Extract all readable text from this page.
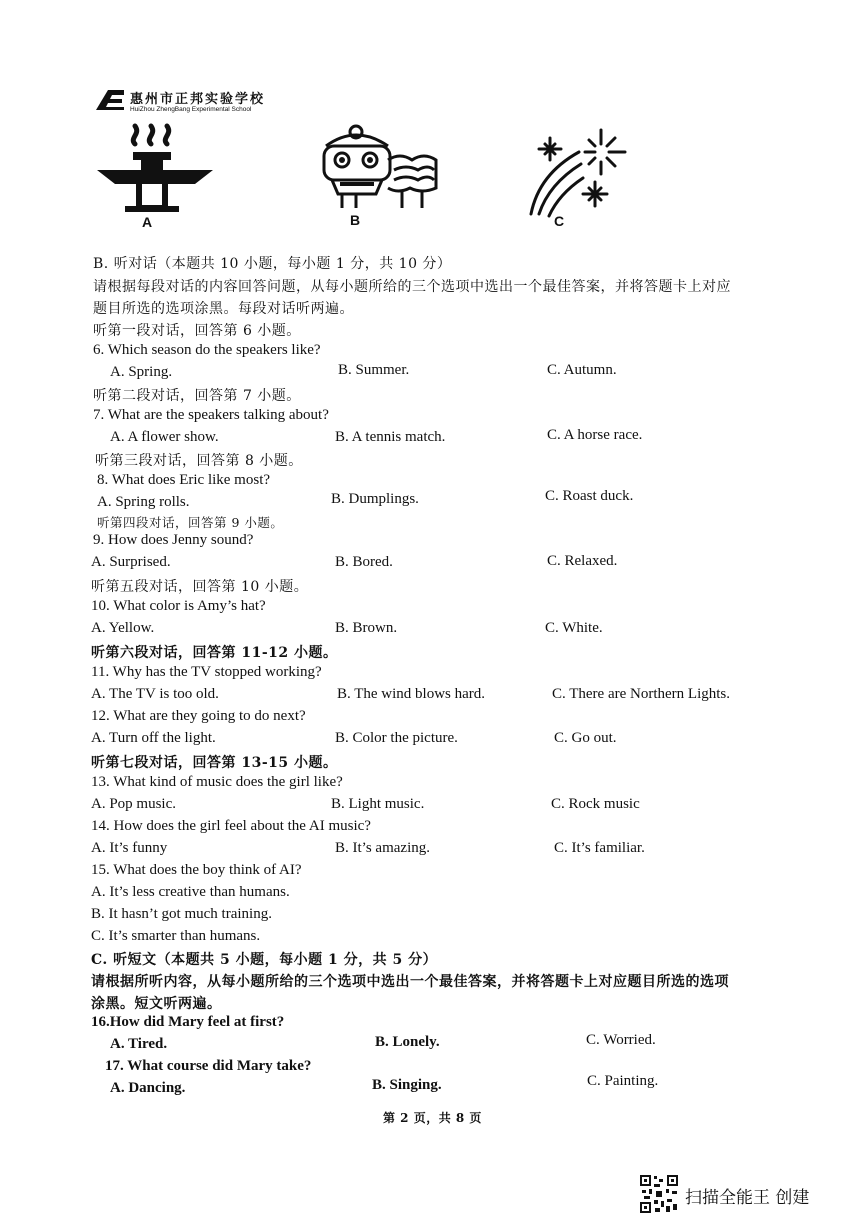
惠州市正邦实验学校
HuiZhou ZhengBang Experimental School
A	B	C
B. 听对话（本题共 10 小题，每小题 1 分，共 10 分）
请根据每段对话的内容回答问题，从每小题所给的三个选项中选出一个最佳答案，并将答题卡上对应
题目所选的选项涂黑。每段对话听两遍。
听第一段对话，回答第 6 小题。
6. Which season do the speakers like?
A. Spring.	B. Summer.	C. Autumn.
听第二段对话，回答第 7 小题。
7. What are the speakers talking about?
A. A flower show.	B. A tennis match.	C. A horse race.
听第三段对话，回答第 8 小题。
8. What does Eric like most?
A. Spring rolls.	B. Dumplings.	C. Roast duck.
听第四段对话，回答第 9 小题。
9. How does Jenny sound?
A. Surprised.	B. Bored.	C. Relaxed.
听第五段对话，回答第 10 小题。
10. What color is Amy’s hat?
A. Yellow.	B. Brown.	C. White.
听第六段对话，回答第 11-12 小题。
11. Why has the TV stopped working?
A. The TV is too old.	B. The wind blows hard.	C. There are Northern Lights.
12. What are they going to do next?
A. Turn off the light.	B. Color the picture.	C. Go out.
听第七段对话，回答第 13-15 小题。
13. What kind of music does the girl like?
A. Pop music.	B. Light music.	C. Rock music
14. How does the girl feel about the AI music?
A. It’s funny	B. It’s amazing.	C. It’s familiar.
15. What does the boy think of AI?
A. It’s less creative than humans.
B. It hasn’t got much training.
C. It’s smarter than humans.
C. 听短文（本题共 5 小题，每小题 1 分，共 5 分）
请根据所听内容，从每小题所给的三个选项中选出一个最佳答案，并将答题卡上对应题目所选的选项
涂黑。短文听两遍。
16.How did Mary feel at first?
A. Tired.	B. Lonely.	C. Worried.
17. What course did Mary take?
A. Dancing.	B. Singing.	C. Painting.
第 2 页，共 8 页
扫描全能王 创建
